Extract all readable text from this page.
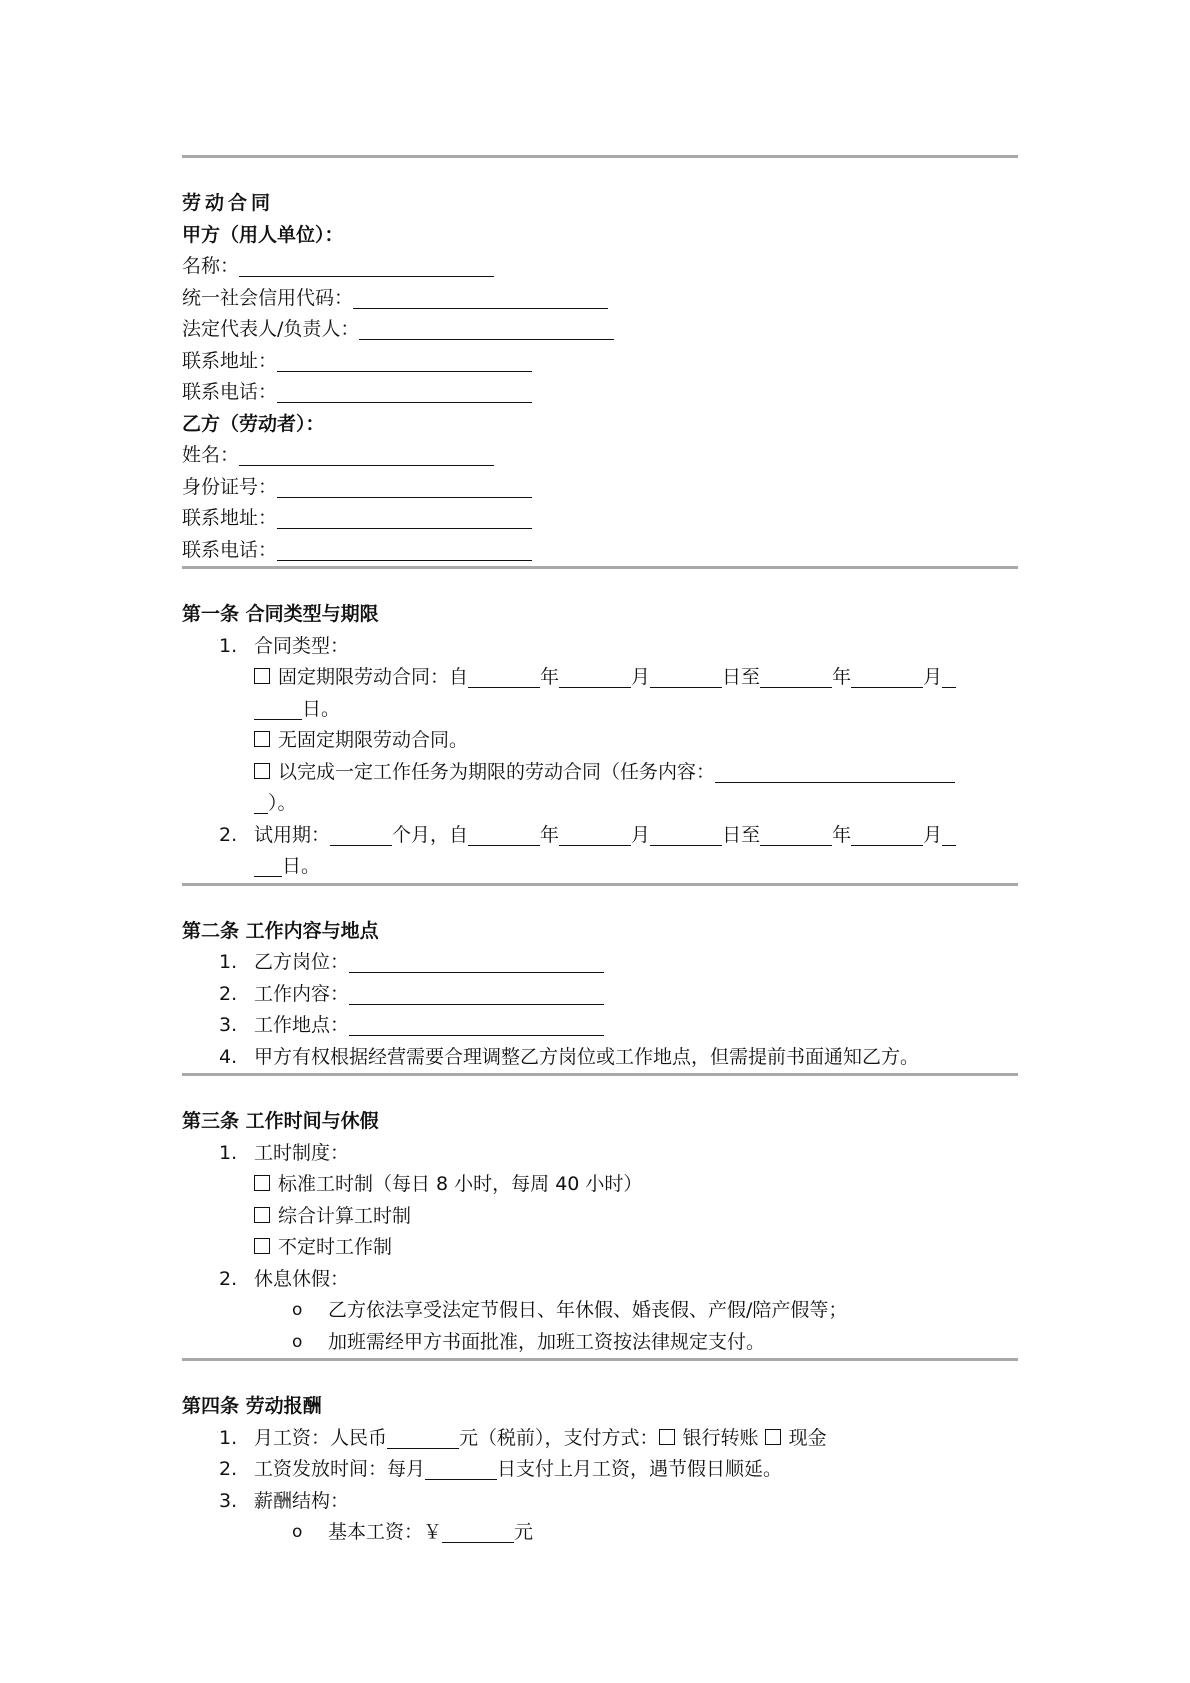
劳动合同
甲方（用人单位）：
名称：
统一社会信用代码：
法定代表人/负责人：
联系地址：
联系电话：
乙方（劳动者）：
姓名：
身份证号：
联系地址：
联系电话：
第一条 合同类型与期限
1. 合同类型：
固定期限劳动合同：自	年	月	日至	年	月
日。
无固定期限劳动合同。
以完成一定工作任务为期限的劳动合同（任务内容：
）。
2. 试用期：	个月，自	年	月	日至	年	月
日。
第二条 工作内容与地点
1. 乙方岗位：
2. 工作内容：
3. 工作地点：
4. 甲方有权根据经营需要合理调整乙方岗位或工作地点，但需提前书面通知乙方。
第三条 工作时间与休假
1. 工时制度：
标准工时制（每日 8 小时，每周 40 小时）
综合计算工时制
不定时工作制
2. 休息休假：
o 乙方依法享受法定节假日、年休假、婚丧假、产假/陪产假等；
o 加班需经甲方书面批准，加班工资按法律规定支付。
第四条 劳动报酬
1. 月工资：人民币	元（税前），支付方式： 银行转账 现金
2. 工资发放时间：每月	日支付上月工资，遇节假日顺延。
3. 薪酬结构：
o 基本工资：￥	元
